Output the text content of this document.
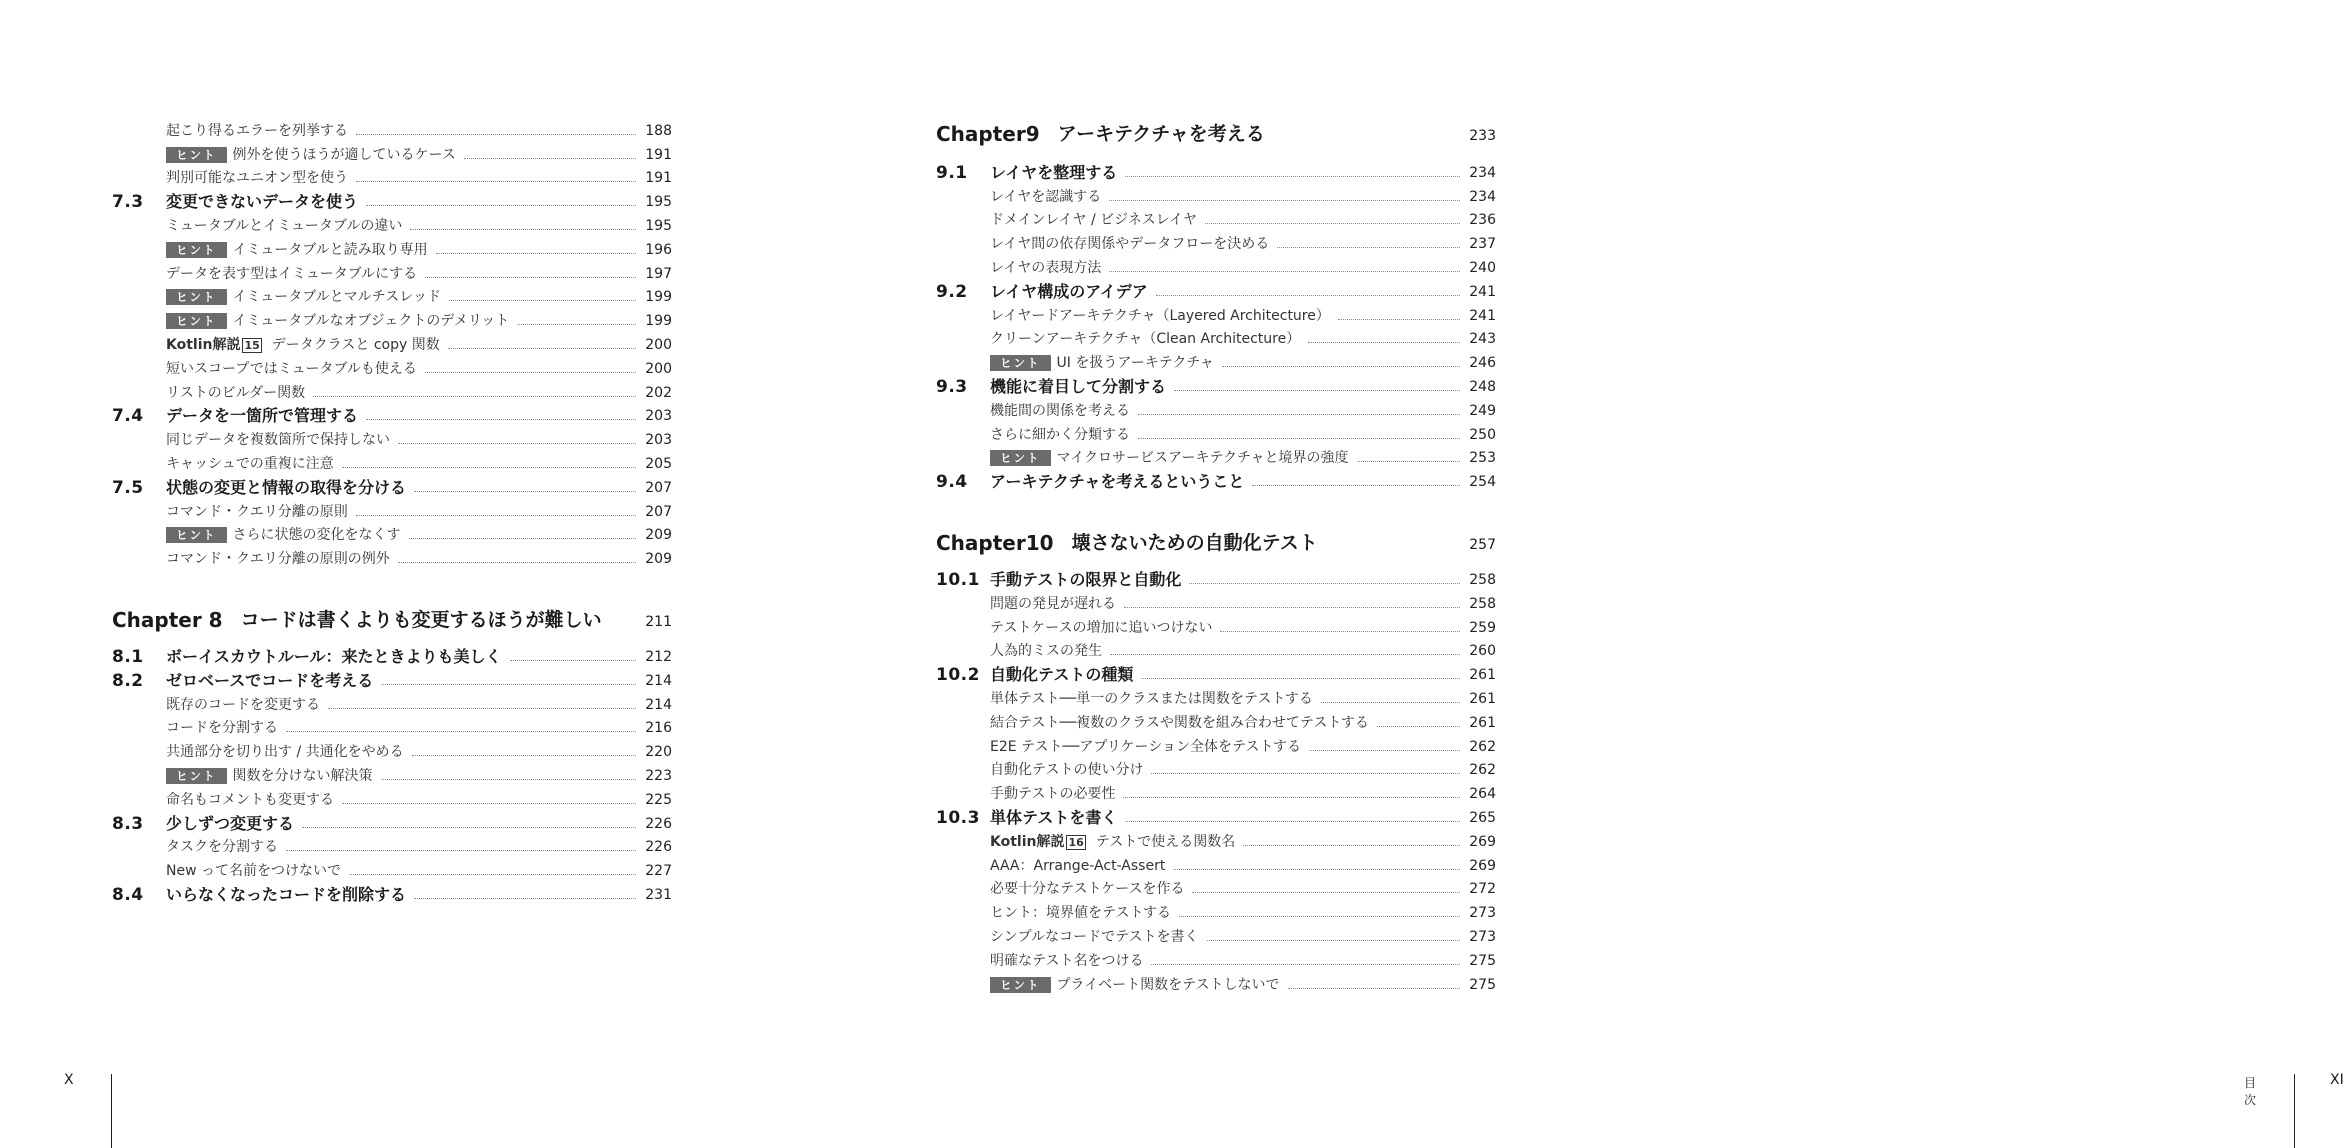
起こり得るエラーを列挙する	188
ヒント 例外を使うほうが適しているケース	191
判別可能なユニオン型を使う	191
7.3	変更できないデータを使う	195
ミュータブルとイミュータブルの違い	195
ヒント イミュータブルと読み取り専用	196
データを表す型はイミュータブルにする	197
ヒント イミュータブルとマルチスレッド	199
ヒント イミュータブルなオブジェクトのデメリット	199
Kotlin解説 15 データクラスと copy 関数	200
短いスコープではミュータブルも使える	200
リストのビルダー関数	202
7.4	データを一箇所で管理する	203
同じデータを複数箇所で保持しない	203
キャッシュでの重複に注意	205
7.5	状態の変更と情報の取得を分ける	207
コマンド・クエリ分離の原則	207
ヒント さらに状態の変化をなくす	209
コマンド・クエリ分離の原則の例外	209
Chapter 8 コードは書くよりも変更するほうが難しい	211
8.1	ボーイスカウトルール：来たときよりも美しく	212
8.2	ゼロベースでコードを考える	214
既存のコードを変更する	214
コードを分割する	216
共通部分を切り出す / 共通化をやめる	220
ヒント 関数を分けない解決策	223
命名もコメントも変更する	225
8.3	少しずつ変更する	226
タスクを分割する	226
New って名前をつけないで	227
8.4	いらなくなったコードを削除する	231
X
Chapter9 アーキテクチャを考える	233
9.1	レイヤを整理する	234
レイヤを認識する	234
ドメインレイヤ / ビジネスレイヤ	236
レイヤ間の依存関係やデータフローを決める	237
レイヤの表現方法	240
9.2	レイヤ構成のアイデア	241
レイヤードアーキテクチャ（Layered Architecture）	241
クリーンアーキテクチャ（Clean Architecture）	243
ヒント UI を扱うアーキテクチャ	246
9.3	機能に着目して分割する	248
機能間の関係を考える	249
さらに細かく分類する	250
ヒント マイクロサービスアーキテクチャと境界の強度	253
9.4	アーキテクチャを考えるということ	254
Chapter10 壊さないための自動化テスト	257
10.1 手動テストの限界と自動化	258
問題の発見が遅れる	258
テストケースの増加に追いつけない	259
人為的ミスの発生	260
10.2 自動化テストの種類	261
単体テスト──単一のクラスまたは関数をテストする	261
結合テスト──複数のクラスや関数を組み合わせてテストする	261
E2E テスト──アプリケーション全体をテストする	262
自動化テストの使い分け	262
手動テストの必要性	264
10.3 単体テストを書く	265
Kotlin解説 16 テストで使える関数名	269
AAA：Arrange-Act-Assert	269
必要十分なテストケースを作る	272
ヒント：境界値をテストする	273
シンプルなコードでテストを書く	273
明確なテスト名をつける	275
ヒント プライベート関数をテストしないで	275
目次
XI
